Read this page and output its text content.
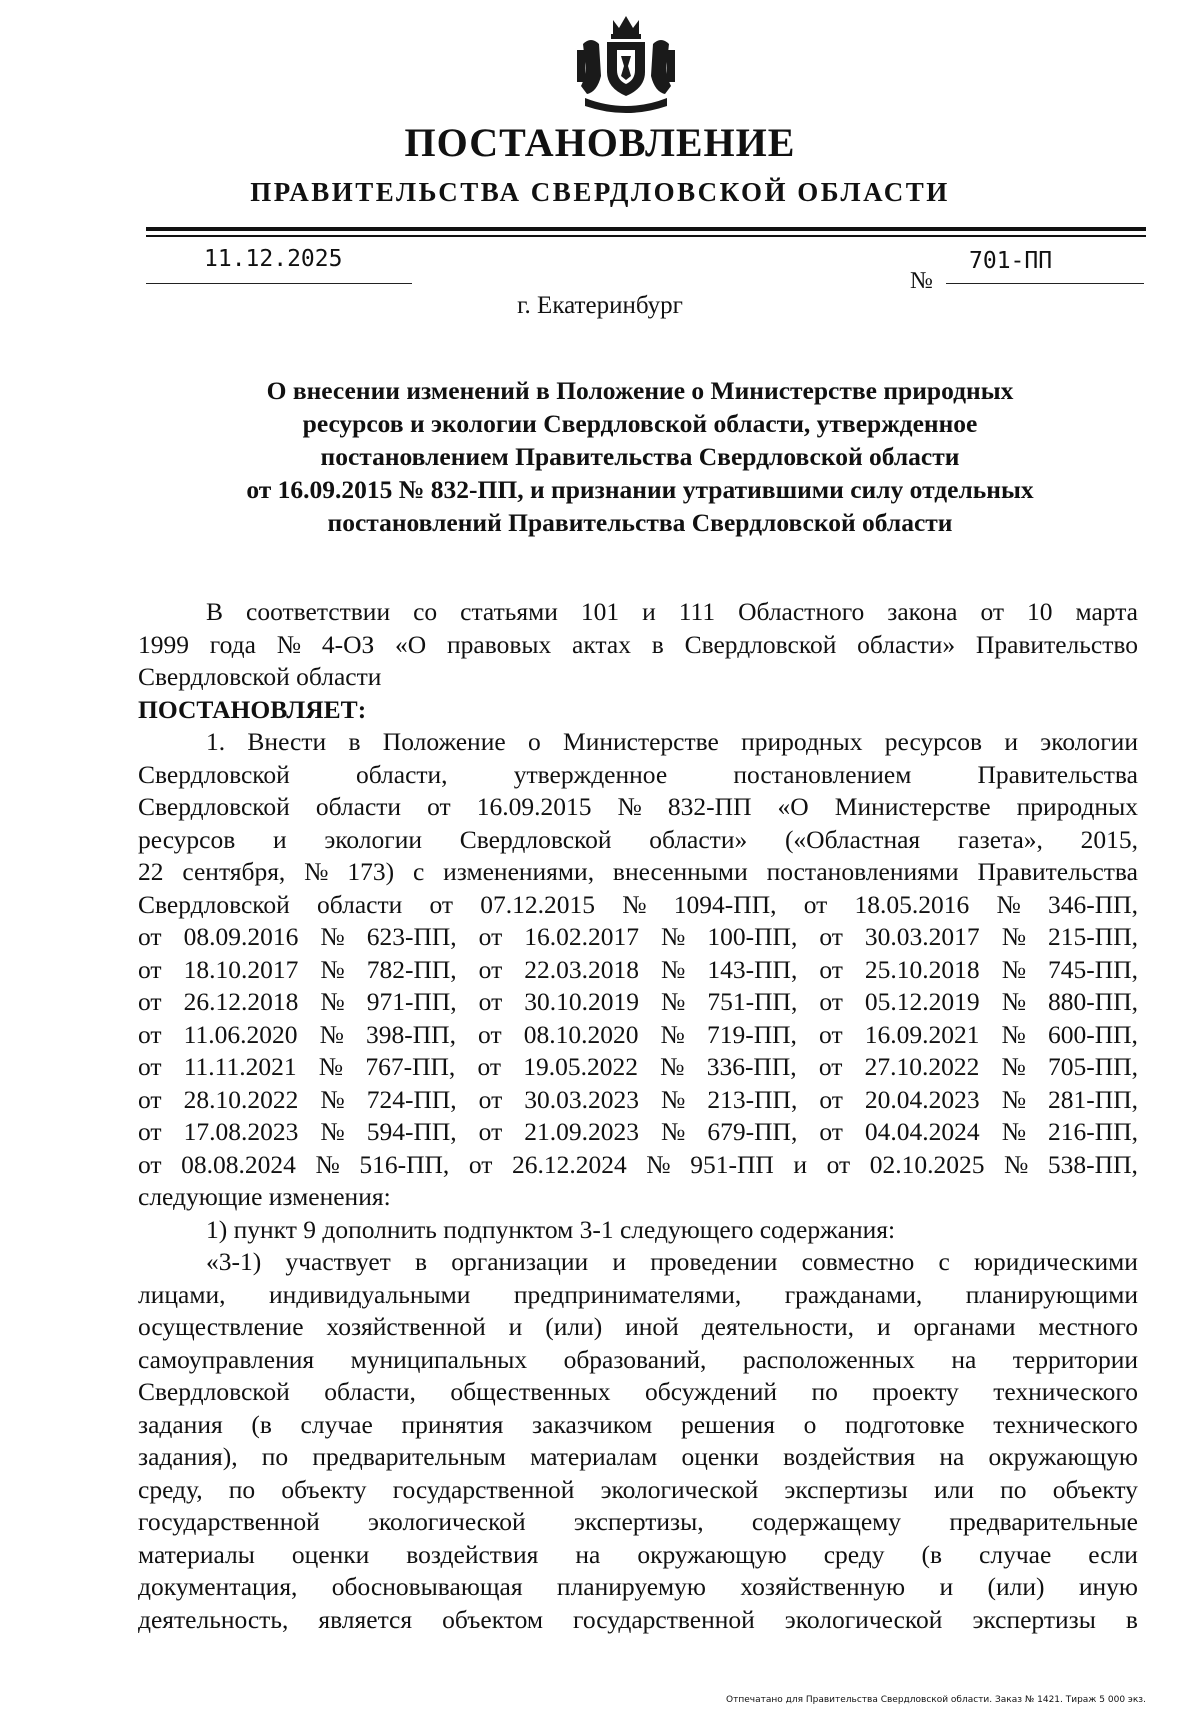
ПОСТАНОВЛЕНИЕ
ПРАВИТЕЛЬСТВА СВЕРДЛОВСКОЙ ОБЛАСТИ
11.12.2025
№
701-ПП
г. Екатеринбург
О внесении изменений в Положение о Министерстве природных
ресурсов и экологии Свердловской области, утвержденное
постановлением Правительства Свердловской области
от 16.09.2015 № 832-ПП, и признании утратившими силу отдельных
постановлений Правительства Свердловской области
В соответствии со статьями 101 и 111 Областного закона от 10 марта
1999 года № 4-ОЗ «О правовых актах в Свердловской области» Правительство
Свердловской области
ПОСТАНОВЛЯЕТ:
1. Внести в Положение о Министерстве природных ресурсов и экологии
Свердловской	области,	утвержденное	постановлением	Правительства
Свердловской области от 16.09.2015 № 832-ПП «О Министерстве природных
ресурсов и экологии Свердловской области» («Областная газета», 2015,
22 сентября, № 173) с изменениями, внесенными постановлениями Правительства
Свердловской области от 07.12.2015 № 1094-ПП, от 18.05.2016 № 346-ПП,
от 08.09.2016 № 623-ПП, от 16.02.2017 № 100-ПП, от 30.03.2017 № 215-ПП,
от 18.10.2017 № 782-ПП, от 22.03.2018 № 143-ПП, от 25.10.2018 № 745-ПП,
от 26.12.2018 № 971-ПП, от 30.10.2019 № 751-ПП, от 05.12.2019 № 880-ПП,
от 11.06.2020 № 398-ПП, от 08.10.2020 № 719-ПП, от 16.09.2021 № 600-ПП,
от 11.11.2021 № 767-ПП, от 19.05.2022 № 336-ПП, от 27.10.2022 № 705-ПП,
от 28.10.2022 № 724-ПП, от 30.03.2023 № 213-ПП, от 20.04.2023 № 281-ПП,
от 17.08.2023 № 594-ПП, от 21.09.2023 № 679-ПП, от 04.04.2024 № 216-ПП,
от 08.08.2024 № 516-ПП, от 26.12.2024 № 951-ПП и от 02.10.2025 № 538-ПП,
следующие изменения:
1) пункт 9 дополнить подпунктом 3-1 следующего содержания:
«3-1) участвует в организации и проведении совместно с юридическими
лицами, индивидуальными предпринимателями, гражданами, планирующими
осуществление хозяйственной и (или) иной деятельности, и органами местного
самоуправления муниципальных образований, расположенных на территории
Свердловской области, общественных обсуждений по проекту технического
задания (в случае принятия заказчиком решения о подготовке технического
задания), по предварительным материалам оценки воздействия на окружающую
среду, по объекту государственной экологической экспертизы или по объекту
государственной экологической экспертизы, содержащему предварительные
материалы оценки воздействия на окружающую среду (в случае если
документация, обосновывающая планируемую хозяйственную и (или) иную
деятельность, является объектом государственной экологической экспертизы в
Отпечатано для Правительства Свердловской области. Заказ № 1421. Тираж 5 000 экз.
